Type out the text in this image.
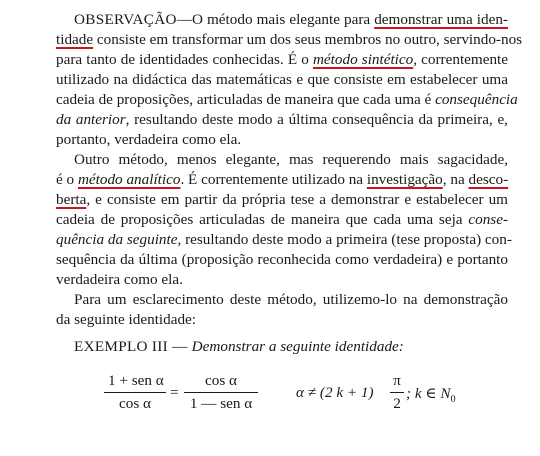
OBSERVAÇÃO—O método mais elegante para demonstrar uma iden-
tidade consiste em transformar um dos seus membros no outro, servindo-nos
para tanto de identidades conhecidas. É o método sintético, correntemente
utilizado na didáctica das matemáticas e que consiste em estabelecer uma
cadeia de proposições, articuladas de maneira que cada uma é consequência
da anterior, resultando deste modo a última consequência da primeira, e,
portanto, verdadeira como ela.
Outro método, menos elegante, mas requerendo mais sagacidade,
é o método analítico. É correntemente utilizado na investigação, na desco-
berta, e consiste em partir da própria tese a demonstrar e estabelecer um
cadeia de proposições articuladas de maneira que cada uma seja conse-
quência da seguinte, resultando deste modo a primeira (tese proposta) con-
sequência da última (proposição reconhecida como verdadeira) e portanto
verdadeira como ela.
Para um esclarecimento deste método, utilizemo-lo na demonstração
da seguinte identidade:
EXEMPLO III — Demonstrar a seguinte identidade:
1 + sen α
cos α
=
cos α
1 — sen α
α ≠ (2 k + 1)
π
2
; k ∈ $N_0$
